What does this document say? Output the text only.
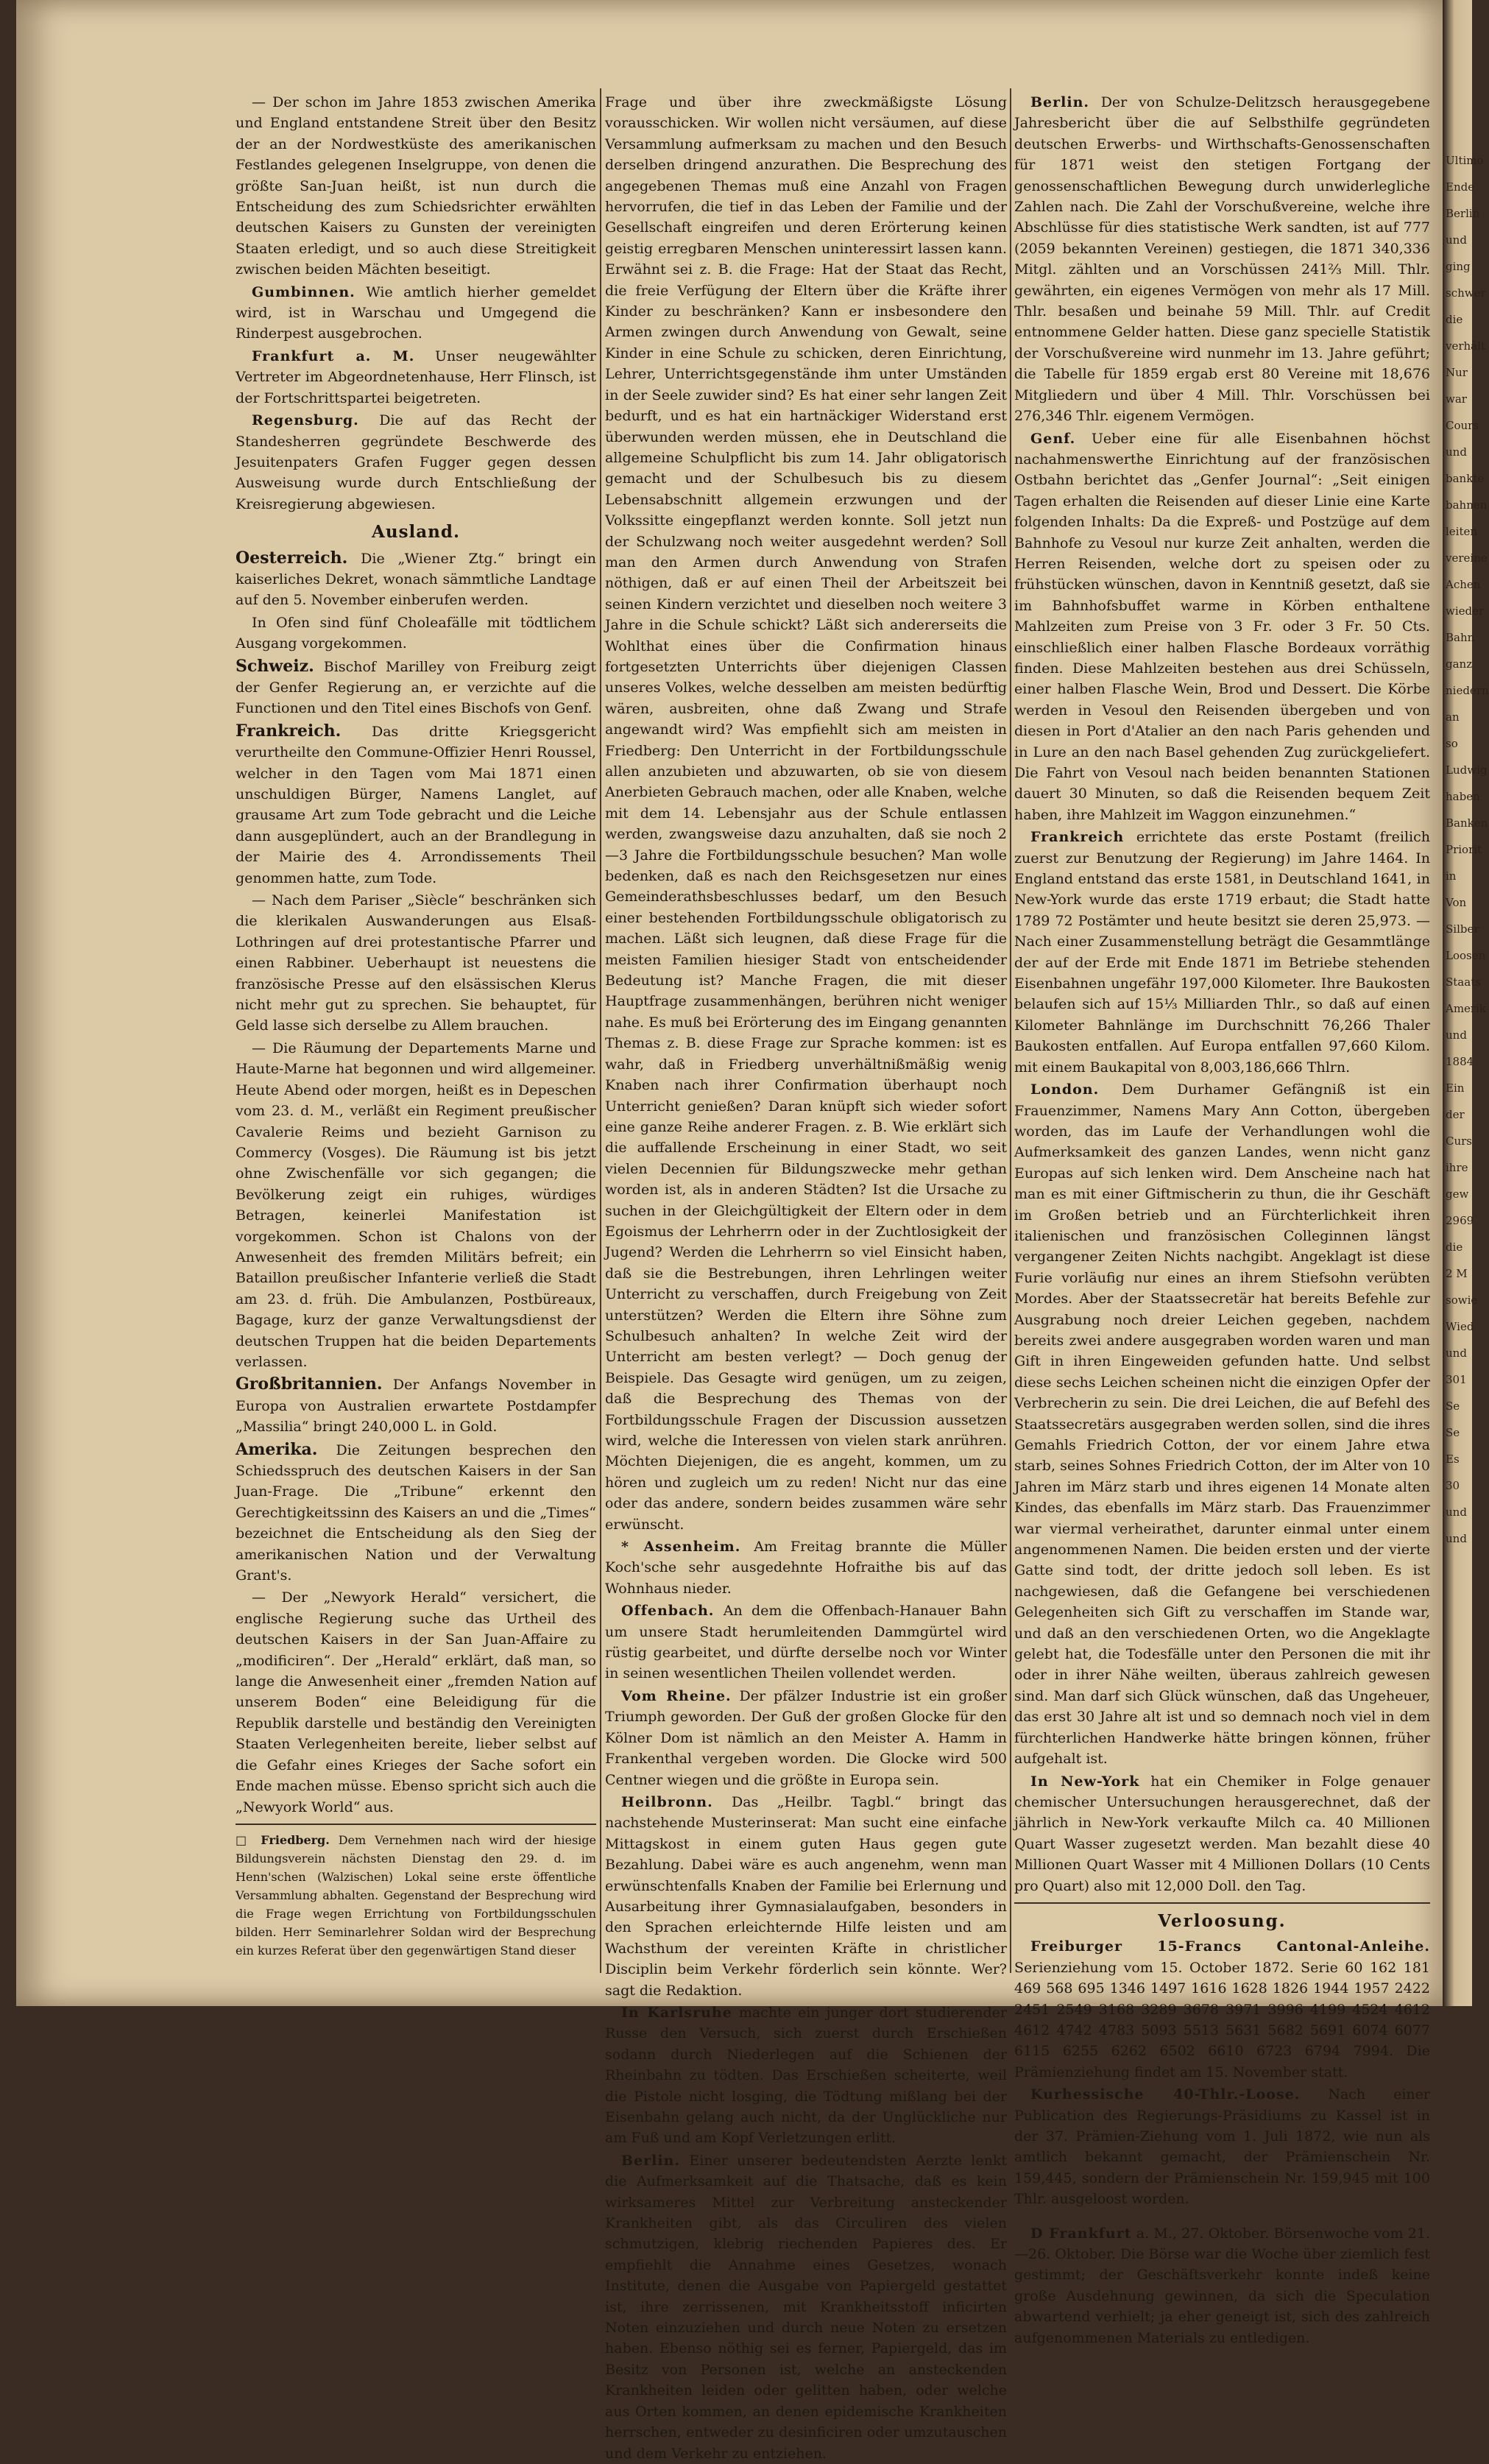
— Der schon im Jahre 1853 zwischen Amerika und England entstandene Streit über den Besitz der an der Nordwestküste des amerikanischen Festlandes gelegenen Inselgruppe, von denen die größte San-Juan heißt, ist nun durch die Entscheidung des zum Schiedsrichter erwählten deutschen Kaisers zu Gunsten der vereinigten Staaten erledigt, und so auch diese Streitigkeit zwischen beiden Mächten beseitigt.

Gumbinnen. Wie amtlich hierher gemeldet wird, ist in Warschau und Umgegend die Rinderpest ausgebrochen.

Frankfurt a. M. Unser neugewählter Vertreter im Abgeordnetenhause, Herr Flinsch, ist der Fortschrittspartei beigetreten.

Regensburg. Die auf das Recht der Standesherren gegründete Beschwerde des Jesuitenpaters Grafen Fugger gegen dessen Ausweisung wurde durch Entschließung der Kreisregierung abgewiesen.

Ausland.

Oesterreich. Die „Wiener Ztg.“ bringt ein kaiserliches Dekret, wonach sämmtliche Landtage auf den 5. November einberufen werden.

In Ofen sind fünf Choleafälle mit tödtlichem Ausgang vorgekommen.

Schweiz. Bischof Marilley von Freiburg zeigt der Genfer Regierung an, er verzichte auf die Functionen und den Titel eines Bischofs von Genf.

Frankreich. Das dritte Kriegsgericht verurtheilte den Commune-Offizier Henri Roussel, welcher in den Tagen vom Mai 1871 einen unschuldigen Bürger, Namens Langlet, auf grausame Art zum Tode gebracht und die Leiche dann ausgeplündert, auch an der Brandlegung in der Mairie des 4. Arrondissements Theil genommen hatte, zum Tode.

— Nach dem Pariser „Siècle“ beschränken sich die klerikalen Auswanderungen aus Elsaß-Lothringen auf drei protestantische Pfarrer und einen Rabbiner. Ueberhaupt ist neuestens die französische Presse auf den elsässischen Klerus nicht mehr gut zu sprechen. Sie behauptet, für Geld lasse sich derselbe zu Allem brauchen.

— Die Räumung der Departements Marne und Haute-Marne hat begonnen und wird allgemeiner. Heute Abend oder morgen, heißt es in Depeschen vom 23. d. M., verläßt ein Regiment preußischer Cavalerie Reims und bezieht Garnison zu Commercy (Vosges). Die Räumung ist bis jetzt ohne Zwischenfälle vor sich gegangen; die Bevölkerung zeigt ein ruhiges, würdiges Betragen, keinerlei Manifestation ist vorgekommen. Schon ist Chalons von der Anwesenheit des fremden Militärs befreit; ein Bataillon preußischer Infanterie verließ die Stadt am 23. d. früh. Die Ambulanzen, Postbüreaux, Bagage, kurz der ganze Verwaltungsdienst der deutschen Truppen hat die beiden Departements verlassen.

Großbritannien. Der Anfangs November in Europa von Australien erwartete Postdampfer „Massilia“ bringt 240,000 L. in Gold.

Amerika. Die Zeitungen besprechen den Schiedsspruch des deutschen Kaisers in der San Juan-Frage. Die „Tribune“ erkennt den Gerechtigkeitssinn des Kaisers an und die „Times“ bezeichnet die Entscheidung als den Sieg der amerikanischen Nation und der Verwaltung Grant's.

— Der „Newyork Herald“ versichert, die englische Regierung suche das Urtheil des deutschen Kaisers in der San Juan-Affaire zu „modificiren“. Der „Herald“ erklärt, daß man, so lange die Anwesenheit einer „fremden Nation auf unserem Boden“ eine Beleidigung für die Republik darstelle und beständig den Vereinigten Staaten Verlegenheiten bereite, lieber selbst auf die Gefahr eines Krieges der Sache sofort ein Ende machen müsse. Ebenso spricht sich auch die „Newyork World“ aus.

□ Friedberg. Dem Vernehmen nach wird der hiesige Bildungsverein nächsten Dienstag den 29. d. im Henn'schen (Walzischen) Lokal seine erste öffentliche Versammlung abhalten. Gegenstand der Besprechung wird die Frage wegen Errichtung von Fortbildungsschulen bilden. Herr Seminarlehrer Soldan wird der Besprechung ein kurzes Referat über den gegenwärtigen Stand dieser

Frage und über ihre zweckmäßigste Lösung vorausschicken. Wir wollen nicht versäumen, auf diese Versammlung aufmerksam zu machen und den Besuch derselben dringend anzurathen. Die Besprechung des angegebenen Themas muß eine Anzahl von Fragen hervorrufen, die tief in das Leben der Familie und der Gesellschaft eingreifen und deren Erörterung keinen geistig erregbaren Menschen uninteressirt lassen kann. Erwähnt sei z. B. die Frage: Hat der Staat das Recht, die freie Verfügung der Eltern über die Kräfte ihrer Kinder zu beschränken? Kann er insbesondere den Armen zwingen durch Anwendung von Gewalt, seine Kinder in eine Schule zu schicken, deren Einrichtung, Lehrer, Unterrichtsgegenstände ihm unter Umständen in der Seele zuwider sind? Es hat einer sehr langen Zeit bedurft, und es hat ein hartnäckiger Widerstand erst überwunden werden müssen, ehe in Deutschland die allgemeine Schulpflicht bis zum 14. Jahr obligatorisch gemacht und der Schulbesuch bis zu diesem Lebensabschnitt allgemein erzwungen und der Volkssitte eingepflanzt werden konnte. Soll jetzt nun der Schulzwang noch weiter ausgedehnt werden? Soll man den Armen durch Anwendung von Strafen nöthigen, daß er auf einen Theil der Arbeitszeit bei seinen Kindern verzichtet und dieselben noch weitere 3 Jahre in die Schule schickt? Läßt sich andererseits die Wohlthat eines über die Confirmation hinaus fortgesetzten Unterrichts über diejenigen Classen unseres Volkes, welche desselben am meisten bedürftig wären, ausbreiten, ohne daß Zwang und Strafe angewandt wird? Was empfiehlt sich am meisten in Friedberg: Den Unterricht in der Fortbildungsschule allen anzubieten und abzuwarten, ob sie von diesem Anerbieten Gebrauch machen, oder alle Knaben, welche mit dem 14. Lebensjahr aus der Schule entlassen werden, zwangsweise dazu anzuhalten, daß sie noch 2—3 Jahre die Fortbildungsschule besuchen? Man wolle bedenken, daß es nach den Reichsgesetzen nur eines Gemeinderathsbeschlusses bedarf, um den Besuch einer bestehenden Fortbildungsschule obligatorisch zu machen. Läßt sich leugnen, daß diese Frage für die meisten Familien hiesiger Stadt von entscheidender Bedeutung ist? Manche Fragen, die mit dieser Hauptfrage zusammenhängen, berühren nicht weniger nahe. Es muß bei Erörterung des im Eingang genannten Themas z. B. diese Frage zur Sprache kommen: ist es wahr, daß in Friedberg unverhältnißmäßig wenig Knaben nach ihrer Confirmation überhaupt noch Unterricht genießen? Daran knüpft sich wieder sofort eine ganze Reihe anderer Fragen. z. B. Wie erklärt sich die auffallende Erscheinung in einer Stadt, wo seit vielen Decennien für Bildungszwecke mehr gethan worden ist, als in anderen Städten? Ist die Ursache zu suchen in der Gleichgültigkeit der Eltern oder in dem Egoismus der Lehrherrn oder in der Zuchtlosigkeit der Jugend? Werden die Lehrherrn so viel Einsicht haben, daß sie die Bestrebungen, ihren Lehrlingen weiter Unterricht zu verschaffen, durch Freigebung von Zeit unterstützen? Werden die Eltern ihre Söhne zum Schulbesuch anhalten? In welche Zeit wird der Unterricht am besten verlegt? — Doch genug der Beispiele. Das Gesagte wird genügen, um zu zeigen, daß die Besprechung des Themas von der Fortbildungsschule Fragen der Discussion aussetzen wird, welche die Interessen von vielen stark anrühren. Möchten Diejenigen, die es angeht, kommen, um zu hören und zugleich um zu reden! Nicht nur das eine oder das andere, sondern beides zusammen wäre sehr erwünscht.

* Assenheim. Am Freitag brannte die Müller Koch'sche sehr ausgedehnte Hofraithe bis auf das Wohnhaus nieder.

Offenbach. An dem die Offenbach-Hanauer Bahn um unsere Stadt herumleitenden Dammgürtel wird rüstig gearbeitet, und dürfte derselbe noch vor Winter in seinen wesentlichen Theilen vollendet werden.

Vom Rheine. Der pfälzer Industrie ist ein großer Triumph geworden. Der Guß der großen Glocke für den Kölner Dom ist nämlich an den Meister A. Hamm in Frankenthal vergeben worden. Die Glocke wird 500 Centner wiegen und die größte in Europa sein.

Heilbronn. Das „Heilbr. Tagbl.“ bringt das nachstehende Musterinserat: Man sucht eine einfache Mittagskost in einem guten Haus gegen gute Bezahlung. Dabei wäre es auch angenehm, wenn man erwünschtenfalls Knaben der Familie bei Erlernung und Ausarbeitung ihrer Gymnasialaufgaben, besonders in den Sprachen erleichternde Hilfe leisten und am Wachsthum der vereinten Kräfte in christlicher Disciplin beim Verkehr förderlich sein könnte. Wer? sagt die Redaktion.

In Karlsruhe machte ein junger dort studierender Russe den Versuch, sich zuerst durch Erschießen sodann durch Niederlegen auf die Schienen der Rheinbahn zu tödten. Das Erschießen scheiterte, weil die Pistole nicht losging, die Tödtung mißlang bei der Eisenbahn gelang auch nicht, da der Unglückliche nur am Fuß und am Kopf Verletzungen erlitt.

Berlin. Einer unserer bedeutendsten Aerzte lenkt die Aufmerksamkeit auf die Thatsache, daß es kein wirksameres Mittel zur Verbreitung ansteckender Krankheiten gibt, als das Circuliren des vielen schmutzigen, klebrig riechenden Papieres des. Er empfiehlt die Annahme eines Gesetzes, wonach Institute, denen die Ausgabe von Papiergeld gestattet ist, ihre zerrissenen, mit Krankheitsstoff inficirten Noten einzuziehen und durch neue Noten zu ersetzen haben. Ebenso nöthig sei es ferner, Papiergeld, das im Besitz von Personen ist, welche an ansteckenden Krankheiten leiden oder gelitten haben, oder welche aus Orten kommen, an denen epidemische Krankheiten herrschen, entweder zu desinficiren oder umzutauschen und dem Verkehr zu entziehen.

Berlin. Der von Schulze-Delitzsch herausgegebene Jahresbericht über die auf Selbsthilfe gegründeten deutschen Erwerbs- und Wirthschafts-Genossenschaften für 1871 weist den stetigen Fortgang der genossenschaftlichen Bewegung durch unwiderlegliche Zahlen nach. Die Zahl der Vorschußvereine, welche ihre Abschlüsse für dies statistische Werk sandten, ist auf 777 (2059 bekannten Vereinen) gestiegen, die 1871 340,336 Mitgl. zählten und an Vorschüssen 241⅔ Mill. Thlr. gewährten, ein eigenes Vermögen von mehr als 17 Mill. Thlr. besaßen und beinahe 59 Mill. Thlr. auf Credit entnommene Gelder hatten. Diese ganz specielle Statistik der Vorschußvereine wird nunmehr im 13. Jahre geführt; die Tabelle für 1859 ergab erst 80 Vereine mit 18,676 Mitgliedern und über 4 Mill. Thlr. Vorschüssen bei 276,346 Thlr. eigenem Vermögen.

Genf. Ueber eine für alle Eisenbahnen höchst nachahmenswerthe Einrichtung auf der französischen Ostbahn berichtet das „Genfer Journal“: „Seit einigen Tagen erhalten die Reisenden auf dieser Linie eine Karte folgenden Inhalts: Da die Expreß- und Postzüge auf dem Bahnhofe zu Vesoul nur kurze Zeit anhalten, werden die Herren Reisenden, welche dort zu speisen oder zu frühstücken wünschen, davon in Kenntniß gesetzt, daß sie im Bahnhofsbuffet warme in Körben enthaltene Mahlzeiten zum Preise von 3 Fr. oder 3 Fr. 50 Cts. einschließlich einer halben Flasche Bordeaux vorräthig finden. Diese Mahlzeiten bestehen aus drei Schüsseln, einer halben Flasche Wein, Brod und Dessert. Die Körbe werden in Vesoul den Reisenden übergeben und von diesen in Port d'Atalier an den nach Paris gehenden und in Lure an den nach Basel gehenden Zug zurückgeliefert. Die Fahrt von Vesoul nach beiden benannten Stationen dauert 30 Minuten, so daß die Reisenden bequem Zeit haben, ihre Mahlzeit im Waggon einzunehmen.“

Frankreich errichtete das erste Postamt (freilich zuerst zur Benutzung der Regierung) im Jahre 1464. In England entstand das erste 1581, in Deutschland 1641, in New-York wurde das erste 1719 erbaut; die Stadt hatte 1789 72 Postämter und heute besitzt sie deren 25,973. — Nach einer Zusammenstellung beträgt die Gesammtlänge der auf der Erde mit Ende 1871 im Betriebe stehenden Eisenbahnen ungefähr 197,000 Kilometer. Ihre Baukosten belaufen sich auf 15⅓ Milliarden Thlr., so daß auf einen Kilometer Bahnlänge im Durchschnitt 76,266 Thaler Baukosten entfallen. Auf Europa entfallen 97,660 Kilom. mit einem Baukapital von 8,003,186,666 Thlrn.

London. Dem Durhamer Gefängniß ist ein Frauenzimmer, Namens Mary Ann Cotton, übergeben worden, das im Laufe der Verhandlungen wohl die Aufmerksamkeit des ganzen Landes, wenn nicht ganz Europas auf sich lenken wird. Dem Anscheine nach hat man es mit einer Giftmischerin zu thun, die ihr Geschäft im Großen betrieb und an Fürchterlichkeit ihren italienischen und französischen Colleginnen längst vergangener Zeiten Nichts nachgibt. Angeklagt ist diese Furie vorläufig nur eines an ihrem Stiefsohn verübten Mordes. Aber der Staatssecretär hat bereits Befehle zur Ausgrabung noch dreier Leichen gegeben, nachdem bereits zwei andere ausgegraben worden waren und man Gift in ihren Eingeweiden gefunden hatte. Und selbst diese sechs Leichen scheinen nicht die einzigen Opfer der Verbrecherin zu sein. Die drei Leichen, die auf Befehl des Staatssecretärs ausgegraben werden sollen, sind die ihres Gemahls Friedrich Cotton, der vor einem Jahre etwa starb, seines Sohnes Friedrich Cotton, der im Alter von 10 Jahren im März starb und ihres eigenen 14 Monate alten Kindes, das ebenfalls im März starb. Das Frauenzimmer war viermal verheirathet, darunter einmal unter einem angenommenen Namen. Die beiden ersten und der vierte Gatte sind todt, der dritte jedoch soll leben. Es ist nachgewiesen, daß die Gefangene bei verschiedenen Gelegenheiten sich Gift zu verschaffen im Stande war, und daß an den verschiedenen Orten, wo die Angeklagte gelebt hat, die Todesfälle unter den Personen die mit ihr oder in ihrer Nähe weilten, überaus zahlreich gewesen sind. Man darf sich Glück wünschen, daß das Ungeheuer, das erst 30 Jahre alt ist und so demnach noch viel in dem fürchterlichen Handwerke hätte bringen können, früher aufgehalt ist.

In New-York hat ein Chemiker in Folge genauer chemischer Untersuchungen herausgerechnet, daß der jährlich in New-York verkaufte Milch ca. 40 Millionen Quart Wasser zugesetzt werden. Man bezahlt diese 40 Millionen Quart Wasser mit 4 Millionen Dollars (10 Cents pro Quart) also mit 12,000 Doll. den Tag.

Verloosung.

Freiburger 15-Francs Cantonal-Anleihe. Serienziehung vom 15. October 1872. Serie 60 162 181 469 568 695 1346 1497 1616 1628 1826 1944 1957 2422 2451 2549 3168 3289 3678 3971 3996 4199 4524 4612 4612 4742 4783 5093 5513 5631 5682 5691 6074 6077 6115 6255 6262 6502 6610 6723 6794 7994. Die Prämienziehung findet am 15. November statt.

Kurhessische 40-Thlr.-Loose. Nach einer Publication des Regierungs-Präsidiums zu Kassel ist in der 37. Prämien-Ziehung vom 1. Juli 1872, wie nun als amtlich bekannt gemacht, der Prämienschein Nr. 159,445, sondern der Prämienschein Nr. 159,945 mit 100 Thlr. ausgeloost worden.

D Frankfurt a. M., 27. Oktober. Börsenwoche vom 21.—26. Oktober. Die Börse war die Woche über ziemlich fest gestimmt; der Geschäftsverkehr konnte indeß keine große Ausdehnung gewinnen, da sich die Speculation abwartend verhielt; ja eher geneigt ist, sich des zahlreich aufgenommenen Materials zu entledigen.

Ultimo
Ende
Berlin
und
ging
schwer
die
verhält
Nur
war
Cours
und
bankte
bahnen
leiten
vereine
Achen
wieder
Bahn
ganz
niedern
an
so
Ludwig
haben
Banken
Priorit
in
Von
Silber
Loosen
Staats
Amerik
und
1884
Ein
der
Curs
ihre
gew
2969
die
2 M
sowie
Wied
und
301
Se
Se
Es
30
und
und
